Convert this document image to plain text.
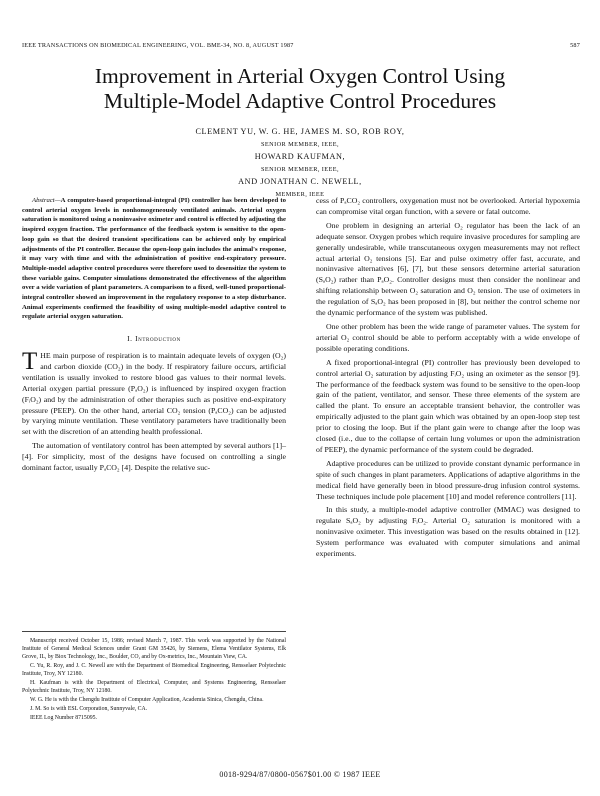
IEEE TRANSACTIONS ON BIOMEDICAL ENGINEERING, VOL. BME-34, NO. 8, AUGUST 1987	587
Improvement in Arterial Oxygen Control Using
Multiple-Model Adaptive Control Procedures
CLEMENT YU, W. G. HE, JAMES M. SO, ROB ROY,
SENIOR MEMBER, IEEE,
HOWARD KAUFMAN,
SENIOR MEMBER, IEEE,
AND JONATHAN C. NEWELL,
MEMBER, IEEE

Abstract—A computer-based proportional-integral (PI) controller has been developed to control arterial oxygen levels in nonhomogeneously ventilated animals. Arterial oxygen saturation is monitored using a noninvasive oximeter and control is effected by adjusting the inspired oxygen fraction. The performance of the feedback system is sensitive to the open-loop gain so that the desired transient specifications can be achieved only by empirical adjustments of the PI controller. Because the open-loop gain includes the animal's response, it may vary with time and with the administration of positive end-expiratory pressure. Multiple-model adaptive control procedures were therefore used to desensitize the system to these variable gains. Computer simulations demonstrated the effectiveness of the algorithm over a wide variation of plant parameters. A comparison to a fixed, well-tuned proportional-integral controller showed an improvement in the regulatory response to a step disturbance. Animal experiments confirmed the feasibility of using multiple-model adaptive control to regulate arterial oxygen saturation.

I. Introduction

THE main purpose of respiration is to maintain adequate levels of oxygen (O₂) and carbon dioxide (CO₂) in the body. If respiratory failure occurs, artificial ventilation is usually invoked to restore blood gas values to their normal levels. Arterial oxygen partial pressure (PₐO₂) is influenced by inspired oxygen fraction (FᵢO₂) and by the administration of other therapies such as positive end-expiratory pressure (PEEP). On the other hand, arterial CO₂ tension (PₐCO₂) can be adjusted by varying minute ventilation. These ventilatory parameters have traditionally been set with the discretion of an attending health professional.

The automation of ventilatory control has been attempted by several authors [1]–[4]. For simplicity, most of the designs have focused on controlling a single dominant factor, usually PₐCO₂ [4]. Despite the relative suc-

Manuscript received October 15, 1986; revised March 7, 1987. This work was supported by the National Institute of General Medical Sciences under Grant GM 35426, by Siemens, Elema Ventilator Systems, Elk Grove, IL, by Biox Technology, Inc., Boulder, CO, and by Ox-metrics, Inc., Mountain View, CA.

C. Yu, R. Roy, and J. C. Newell are with the Department of Biomedical Engineering, Rensselaer Polytechnic Institute, Troy, NY 12180.

H. Kaufman is with the Department of Electrical, Computer, and Systems Engineering, Rensselaer Polytechnic Institute, Troy, NY 12180.

W. G. He is with the Chengdu Institute of Computer Application, Academia Sinica, Chengdu, China.

J. M. So is with ESL Corporation, Sunnyvale, CA.

IEEE Log Number 8715095.

cess of PₐCO₂ controllers, oxygenation must not be overlooked. Arterial hypoxemia can compromise vital organ function, with a severe or fatal outcome.

One problem in designing an arterial O₂ regulator has been the lack of an adequate sensor. Oxygen probes which require invasive procedures for sampling are generally undesirable, while transcutaneous oxygen measurements may not reflect actual arterial O₂ tensions [5]. Ear and pulse oximetry offer fast, accurate, and noninvasive alternatives [6], [7], but these sensors determine arterial saturation (SₐO₂) rather than PₐO₂. Controller designs must then consider the nonlinear and shifting relationship between O₂ saturation and O₂ tension. The use of oximeters in the regulation of SₐO₂ has been proposed in [8], but neither the control scheme nor the dynamic performance of the system was published.

One other problem has been the wide range of parameter values. The system for arterial O₂ control should be able to perform acceptably with a wide envelope of possible operating conditions.

A fixed proportional-integral (PI) controller has previously been developed to control arterial O₂ saturation by adjusting FᵢO₂ using an oximeter as the sensor [9]. The performance of the feedback system was found to be sensitive to the open-loop gain of the patient, ventilator, and sensor. These three elements of the system are called the plant. To ensure an acceptable transient behavior, the controller was empirically adjusted to the plant gain which was obtained by an open-loop step test prior to closing the loop. But if the plant gain were to change after the loop was closed (i.e., due to the collapse of certain lung volumes or upon the administration of PEEP), the dynamic performance of the system could be degraded.

Adaptive procedures can be utilized to provide constant dynamic performance in spite of such changes in plant parameters. Applications of adaptive algorithms in the medical field have generally been in blood pressure-drug infusion control systems. These techniques include pole placement [10] and model reference controllers [11].

In this study, a multiple-model adaptive controller (MMAC) was designed to regulate SₐO₂ by adjusting FᵢO₂. Arterial O₂ saturation is monitored with a noninvasive oximeter. This investigation was based on the results obtained in [12]. System performance was evaluated with computer simulations and animal experiments.

0018-9294/87/0800-0567$01.00 © 1987 IEEE
